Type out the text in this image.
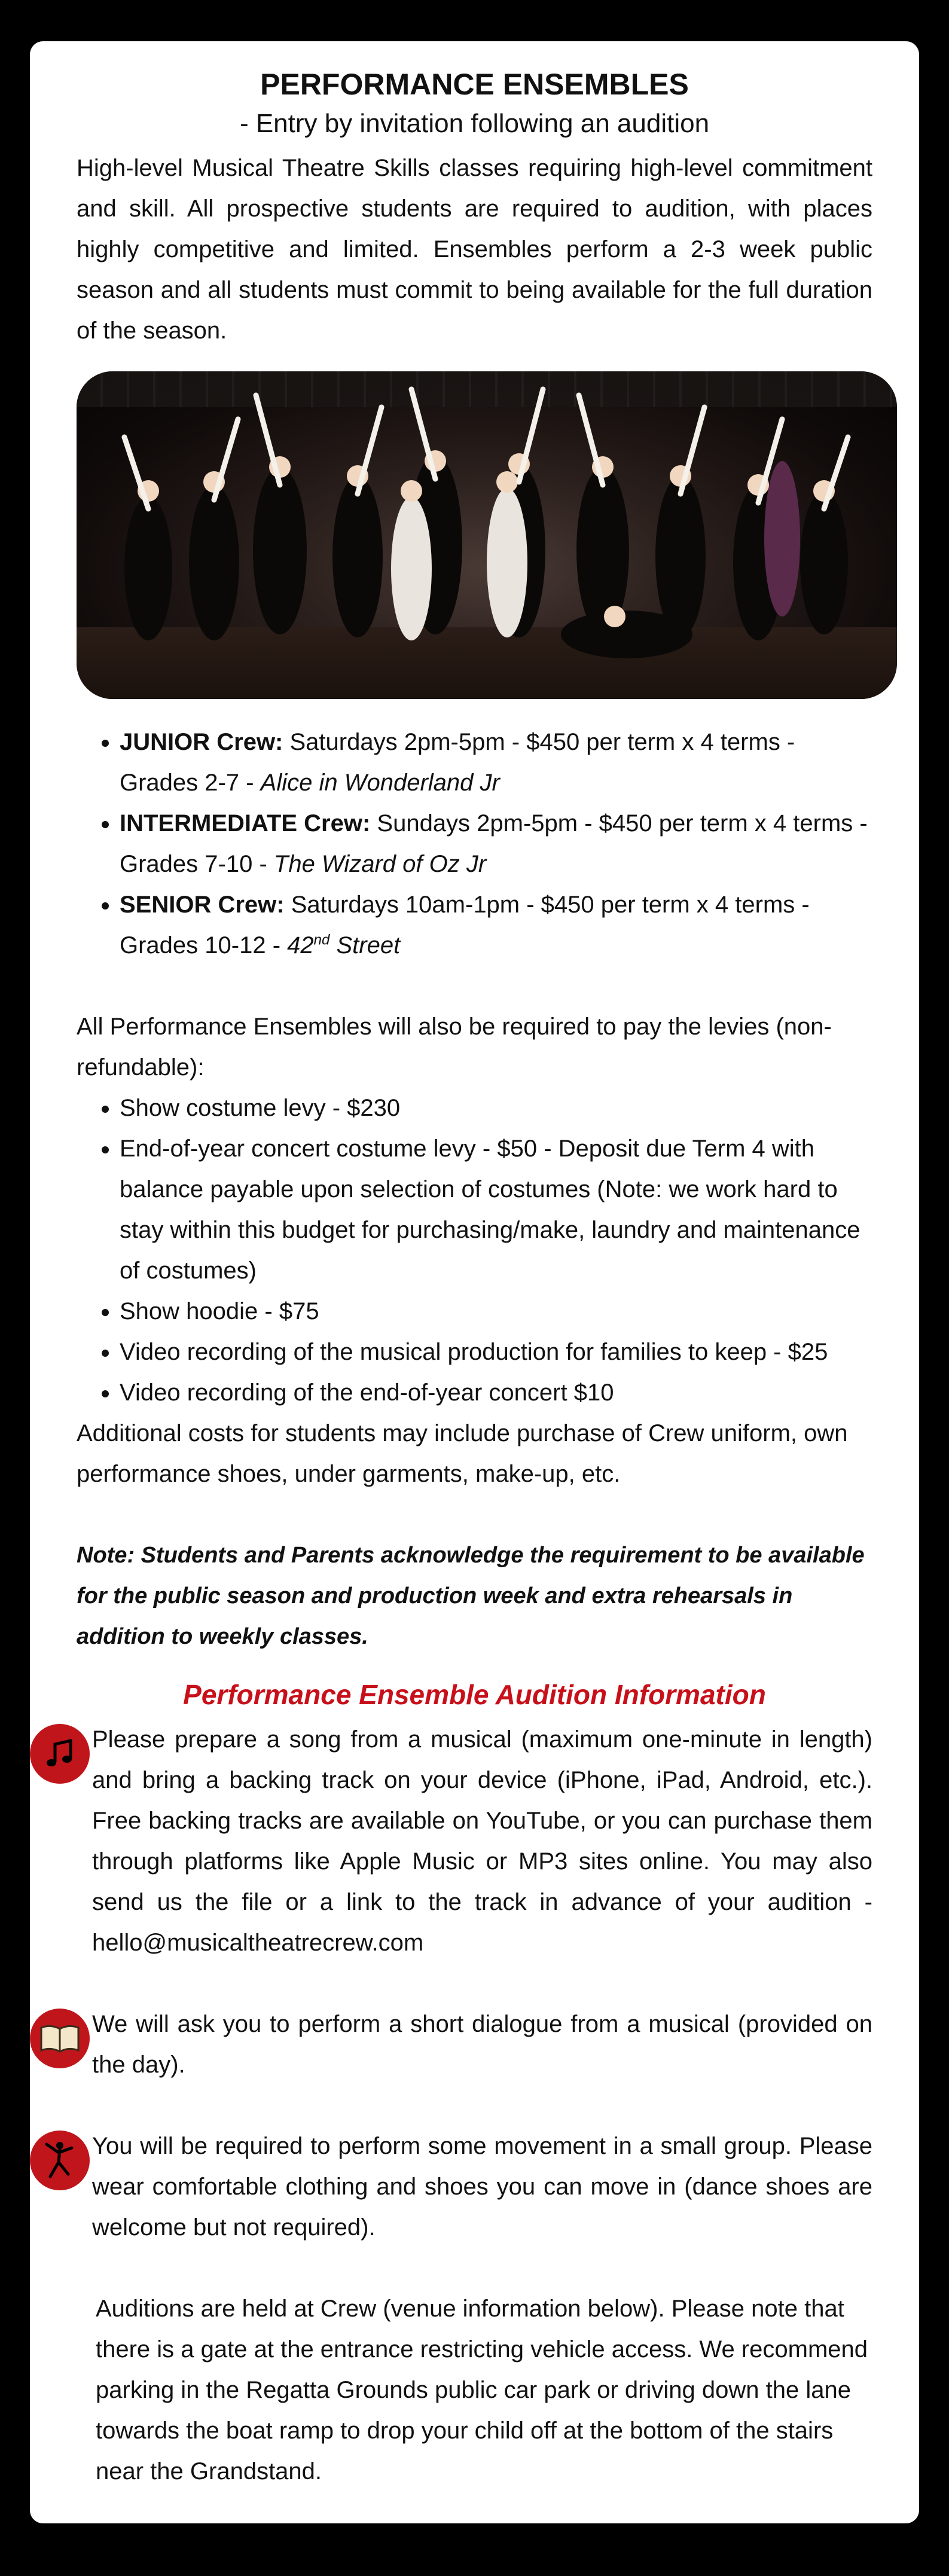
PERFORMANCE ENSEMBLES
- Entry by invitation following an audition

High-level Musical Theatre Skills classes requiring high-level commitment and skill. All prospective students are required to audition, with places highly competitive and limited. Ensembles perform a 2-3 week public season and all students must commit to being available for the full duration of the season.

• JUNIOR Crew: Saturdays 2pm-5pm - $450 per term x 4 terms - Grades 2-7 - Alice in Wonderland Jr
• INTERMEDIATE Crew: Sundays 2pm-5pm - $450 per term x 4 terms - Grades 7-10 - The Wizard of Oz Jr
• SENIOR Crew: Saturdays 10am-1pm - $450 per term x 4 terms - Grades 10-12 - 42nd Street

All Performance Ensembles will also be required to pay the levies (non-refundable):

• Show costume levy - $230
• End-of-year concert costume levy - $50 - Deposit due Term 4 with balance payable upon selection of costumes (Note: we work hard to stay within this budget for purchasing/make, laundry and maintenance of costumes)
• Show hoodie - $75
• Video recording of the musical production for families to keep - $25
• Video recording of the end-of-year concert $10

Additional costs for students may include purchase of Crew uniform, own performance shoes, under garments, make-up, etc.

Note: Students and Parents acknowledge the requirement to be available for the public season and production week and extra rehearsals in addition to weekly classes.

Performance Ensemble Audition Information

Please prepare a song from a musical (maximum one-minute in length) and bring a backing track on your device (iPhone, iPad, Android, etc.). Free backing tracks are available on YouTube, or you can purchase them through platforms like Apple Music or MP3 sites online. You may also send us the file or a link to the track in advance of your audition - hello@musicaltheatrecrew.com

We will ask you to perform a short dialogue from a musical (provided on the day).

You will be required to perform some movement in a small group. Please wear comfortable clothing and shoes you can move in (dance shoes are welcome but not required).

Auditions are held at Crew (venue information below). Please note that there is a gate at the entrance restricting vehicle access. We recommend parking in the Regatta Grounds public car park or driving down the lane towards the boat ramp to drop your child off at the bottom of the stairs near the Grandstand.
